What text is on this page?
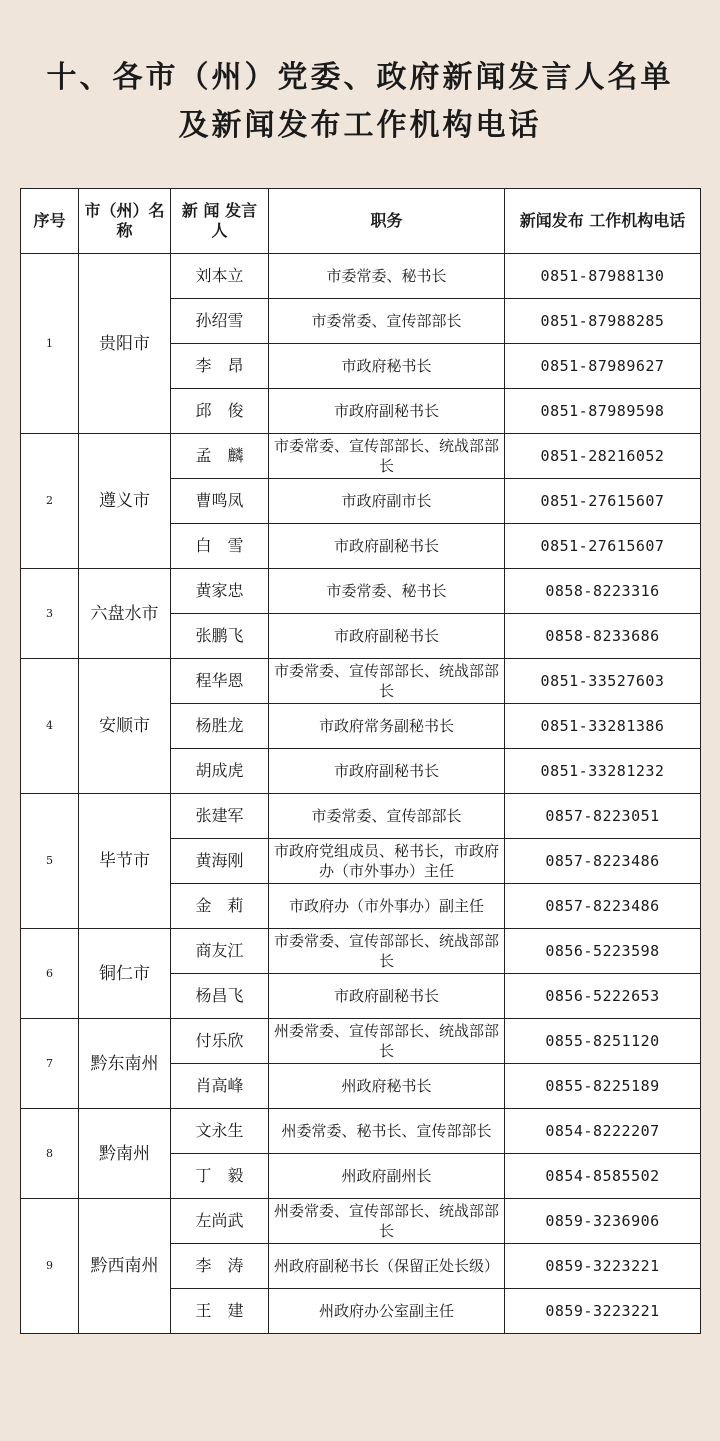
十、各市（州）党委、政府新闻发言人名单
及新闻发布工作机构电话
序号	市（州）名称	新 闻 发言人	职务	新闻发布 工作机构电话
1	贵阳市	刘本立	市委常委、秘书长	0851-87988130
		孙绍雪	市委常委、宣传部部长	0851-87988285
		李　昂	市政府秘书长	0851-87989627
		邱　俊	市政府副秘书长	0851-87989598
2	遵义市	孟　麟	市委常委、宣传部部长、统战部部长	0851-28216052
		曹鸣凤	市政府副市长	0851-27615607
		白　雪	市政府副秘书长	0851-27615607
3	六盘水市	黄家忠	市委常委、秘书长	0858-8223316
		张鹏飞	市政府副秘书长	0858-8233686
4	安顺市	程华恩	市委常委、宣传部部长、统战部部长	0851-33527603
		杨胜龙	市政府常务副秘书长	0851-33281386
		胡成虎	市政府副秘书长	0851-33281232
5	毕节市	张建军	市委常委、宣传部部长	0857-8223051
		黄海刚	市政府党组成员、秘书长，市政府办（市外事办）主任	0857-8223486
		金　莉	市政府办（市外事办）副主任	0857-8223486
6	铜仁市	商友江	市委常委、宣传部部长、统战部部长	0856-5223598
		杨昌飞	市政府副秘书长	0856-5222653
7	黔东南州	付乐欣	州委常委、宣传部部长、统战部部长	0855-8251120
		肖高峰	州政府秘书长	0855-8225189
8	黔南州	文永生	州委常委、秘书长、宣传部部长	0854-8222207
		丁　毅	州政府副州长	0854-8585502
9	黔西南州	左尚武	州委常委、宣传部部长、统战部部长	0859-3236906
		李　涛	州政府副秘书长（保留正处长级）	0859-3223221
		王　建	州政府办公室副主任	0859-3223221
